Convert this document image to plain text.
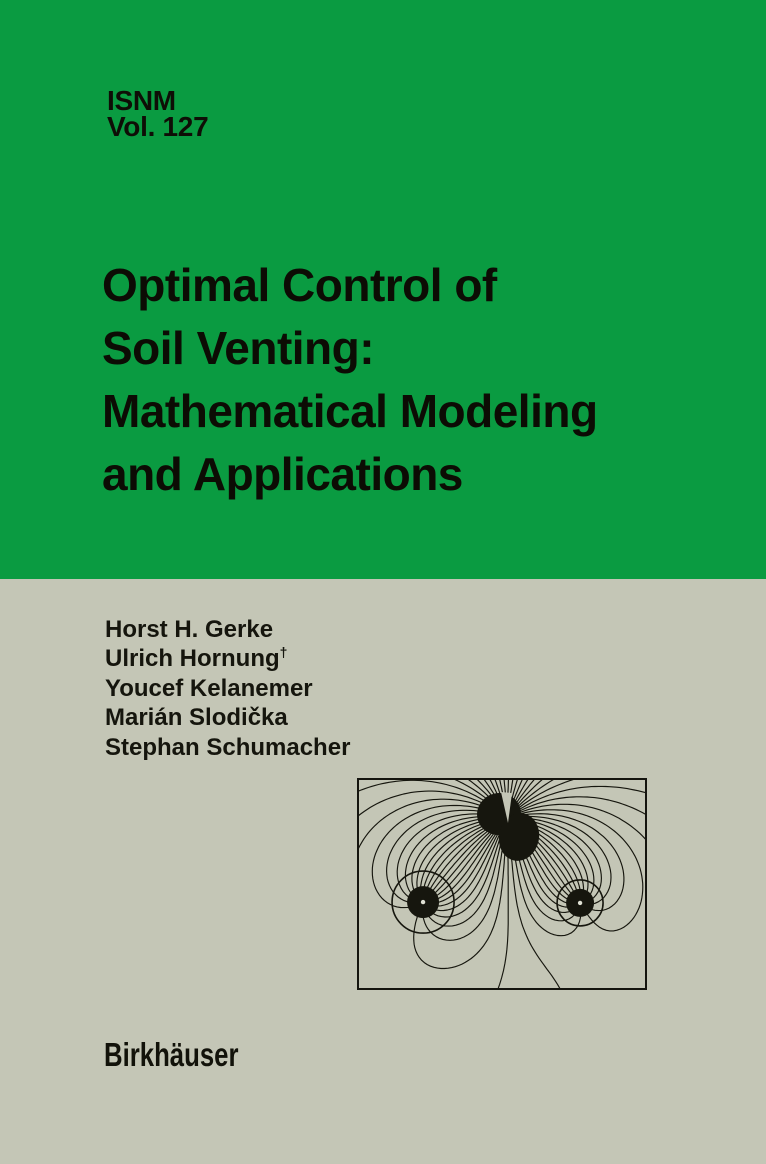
ISNM
Vol. 127
Optimal Control of
Soil Venting:
Mathematical Modeling
and Applications
Horst H. Gerke
Ulrich Hornung†
Youcef Kelanemer
Marián Slodička
Stephan Schumacher
Birkhäuser
